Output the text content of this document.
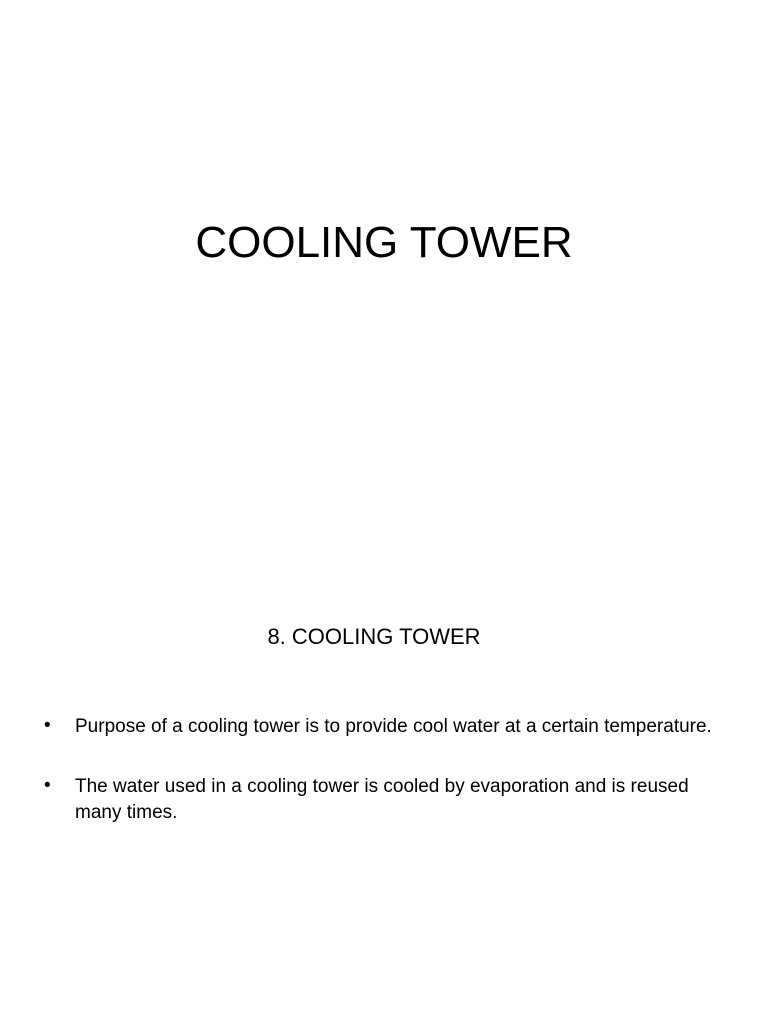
COOLING TOWER
8. COOLING TOWER
• Purpose of a cooling tower is to provide cool water at a certain temperature.
• The water used in a cooling tower is cooled by evaporation and is reused many times.
